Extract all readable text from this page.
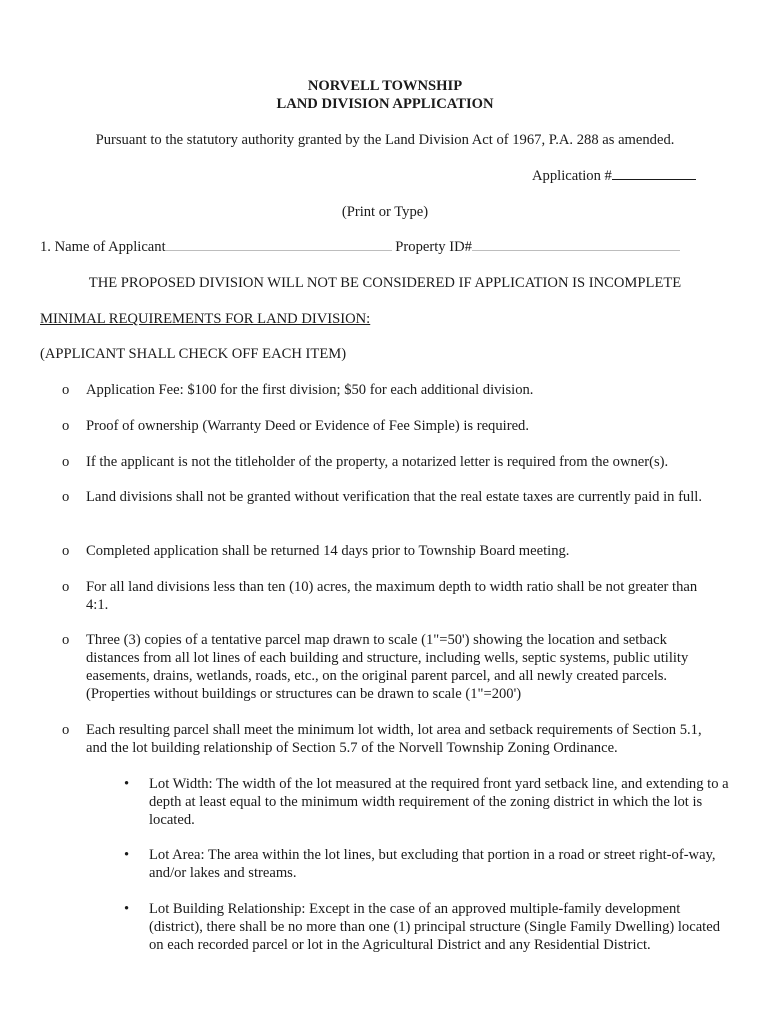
NORVELL TOWNSHIP
LAND DIVISION APPLICATION
Pursuant to the statutory authority granted by the Land Division Act of 1967, P.A. 288 as amended.
Application #
(Print or Type)
1. Name of Applicant	Property ID#
THE PROPOSED DIVISION WILL NOT BE CONSIDERED IF APPLICATION IS INCOMPLETE
MINIMAL REQUIREMENTS FOR LAND DIVISION:
(APPLICANT SHALL CHECK OFF EACH ITEM)
o	Application Fee: $100 for the first division; $50 for each additional division.
o	Proof of ownership (Warranty Deed or Evidence of Fee Simple) is required.
o	If the applicant is not the titleholder of the property, a notarized letter is required from the owner(s).
o	Land divisions shall not be granted without verification that the real estate taxes are currently paid in full.
o	Completed application shall be returned 14 days prior to Township Board meeting.
o	For all land divisions less than ten (10) acres, the maximum depth to width ratio shall be not greater than 4:1.
o	Three (3) copies of a tentative parcel map drawn to scale (1"=50') showing the location and setback distances from all lot lines of each building and structure, including wells, septic systems, public utility easements, drains, wetlands, roads, etc., on the original parent parcel, and all newly created parcels. (Properties without buildings or structures can be drawn to scale (1"=200')
o	Each resulting parcel shall meet the minimum lot width, lot area and setback requirements of Section 5.1, and the lot building relationship of Section 5.7 of the Norvell Township Zoning Ordinance.
•	Lot Width: The width of the lot measured at the required front yard setback line, and extending to a depth at least equal to the minimum width requirement of the zoning district in which the lot is located.
•	Lot Area: The area within the lot lines, but excluding that portion in a road or street right-of-way, and/or lakes and streams.
•	Lot Building Relationship: Except in the case of an approved multiple-family development (district), there shall be no more than one (1) principal structure (Single Family Dwelling) located on each recorded parcel or lot in the Agricultural District and any Residential District.
